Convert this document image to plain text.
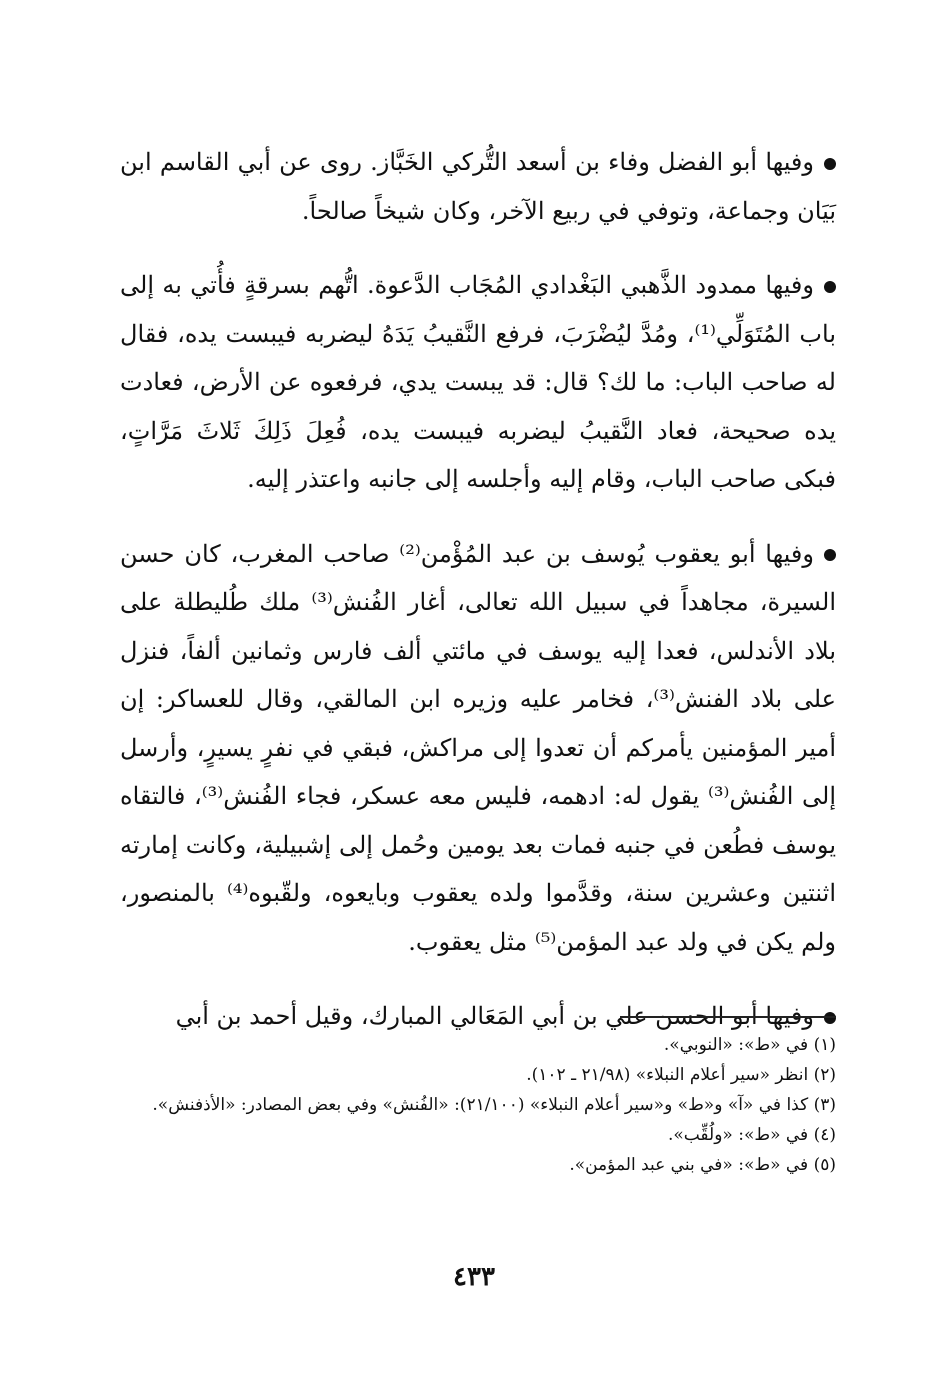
وفيها أبو الفضل وفاء بن أسعد التُّركي الخَبَّاز. روى عن أبي القاسم ابن بَيَان وجماعة، وتوفي في ربيع الآخر، وكان شيخاً صالحاً.

وفيها ممدود الذَّهبي البَغْدادي المُجَاب الدَّعوة. اتُّهم بسرقةٍ فأُتي به إلى باب المُتَوَلِّي⁽¹⁾، ومُدَّ ليُضْرَبَ، فرفع النَّقيبُ يَدَهُ ليضربه فيبست يده، فقال له صاحب الباب: ما لك؟ قال: قد يبست يدي، فرفعوه عن الأرض، فعادت يده صحيحة، فعاد النَّقيبُ ليضربه فيبست يده، فُعِلَ ذَلِكَ ثَلاثَ مَرَّاتٍ، فبكى صاحب الباب، وقام إليه وأجلسه إلى جانبه واعتذر إليه.

وفيها أبو يعقوب يُوسف بن عبد المُؤْمن⁽²⁾ صاحب المغرب، كان حسن السيرة، مجاهداً في سبيل الله تعالى، أغار الفُنش⁽³⁾ ملك طُليطلة على بلاد الأندلس، فعدا إليه يوسف في مائتي ألف فارس وثمانين ألفاً، فنزل على بلاد الفنش⁽³⁾، فخامر عليه وزيره ابن المالقي، وقال للعساكر: إن أمير المؤمنين يأمركم أن تعدوا إلى مراكش، فبقي في نفرٍ يسيرٍ، وأرسل إلى الفُنش⁽³⁾ يقول له: ادهمه، فليس معه عسكر، فجاء الفُنش⁽³⁾، فالتقاه يوسف فطُعن في جنبه فمات بعد يومين وحُمل إلى إشبيلية، وكانت إمارته اثنتين وعشرين سنة، وقدَّموا ولده يعقوب وبايعوه، ولقّبوه⁽⁴⁾ بالمنصور، ولم يكن في ولد عبد المؤمن⁽⁵⁾ مثل يعقوب.

وفيها أبو الحسن علي بن أبي المَعَالي المبارك، وقيل أحمد بن أبي

(١) في «ط»: «النوبي».
(٢) انظر «سير أعلام النبلاء» (٢١/٩٨ ـ ١٠٢).
(٣) كذا في «آ» و«ط» و«سير أعلام النبلاء» (٢١/١٠٠): «الفُنش» وفي بعض المصادر: «الأذفنش».
(٤) في «ط»: «ولُقِّب».
(٥) في «ط»: «في بني عبد المؤمن».
٤٣٣
